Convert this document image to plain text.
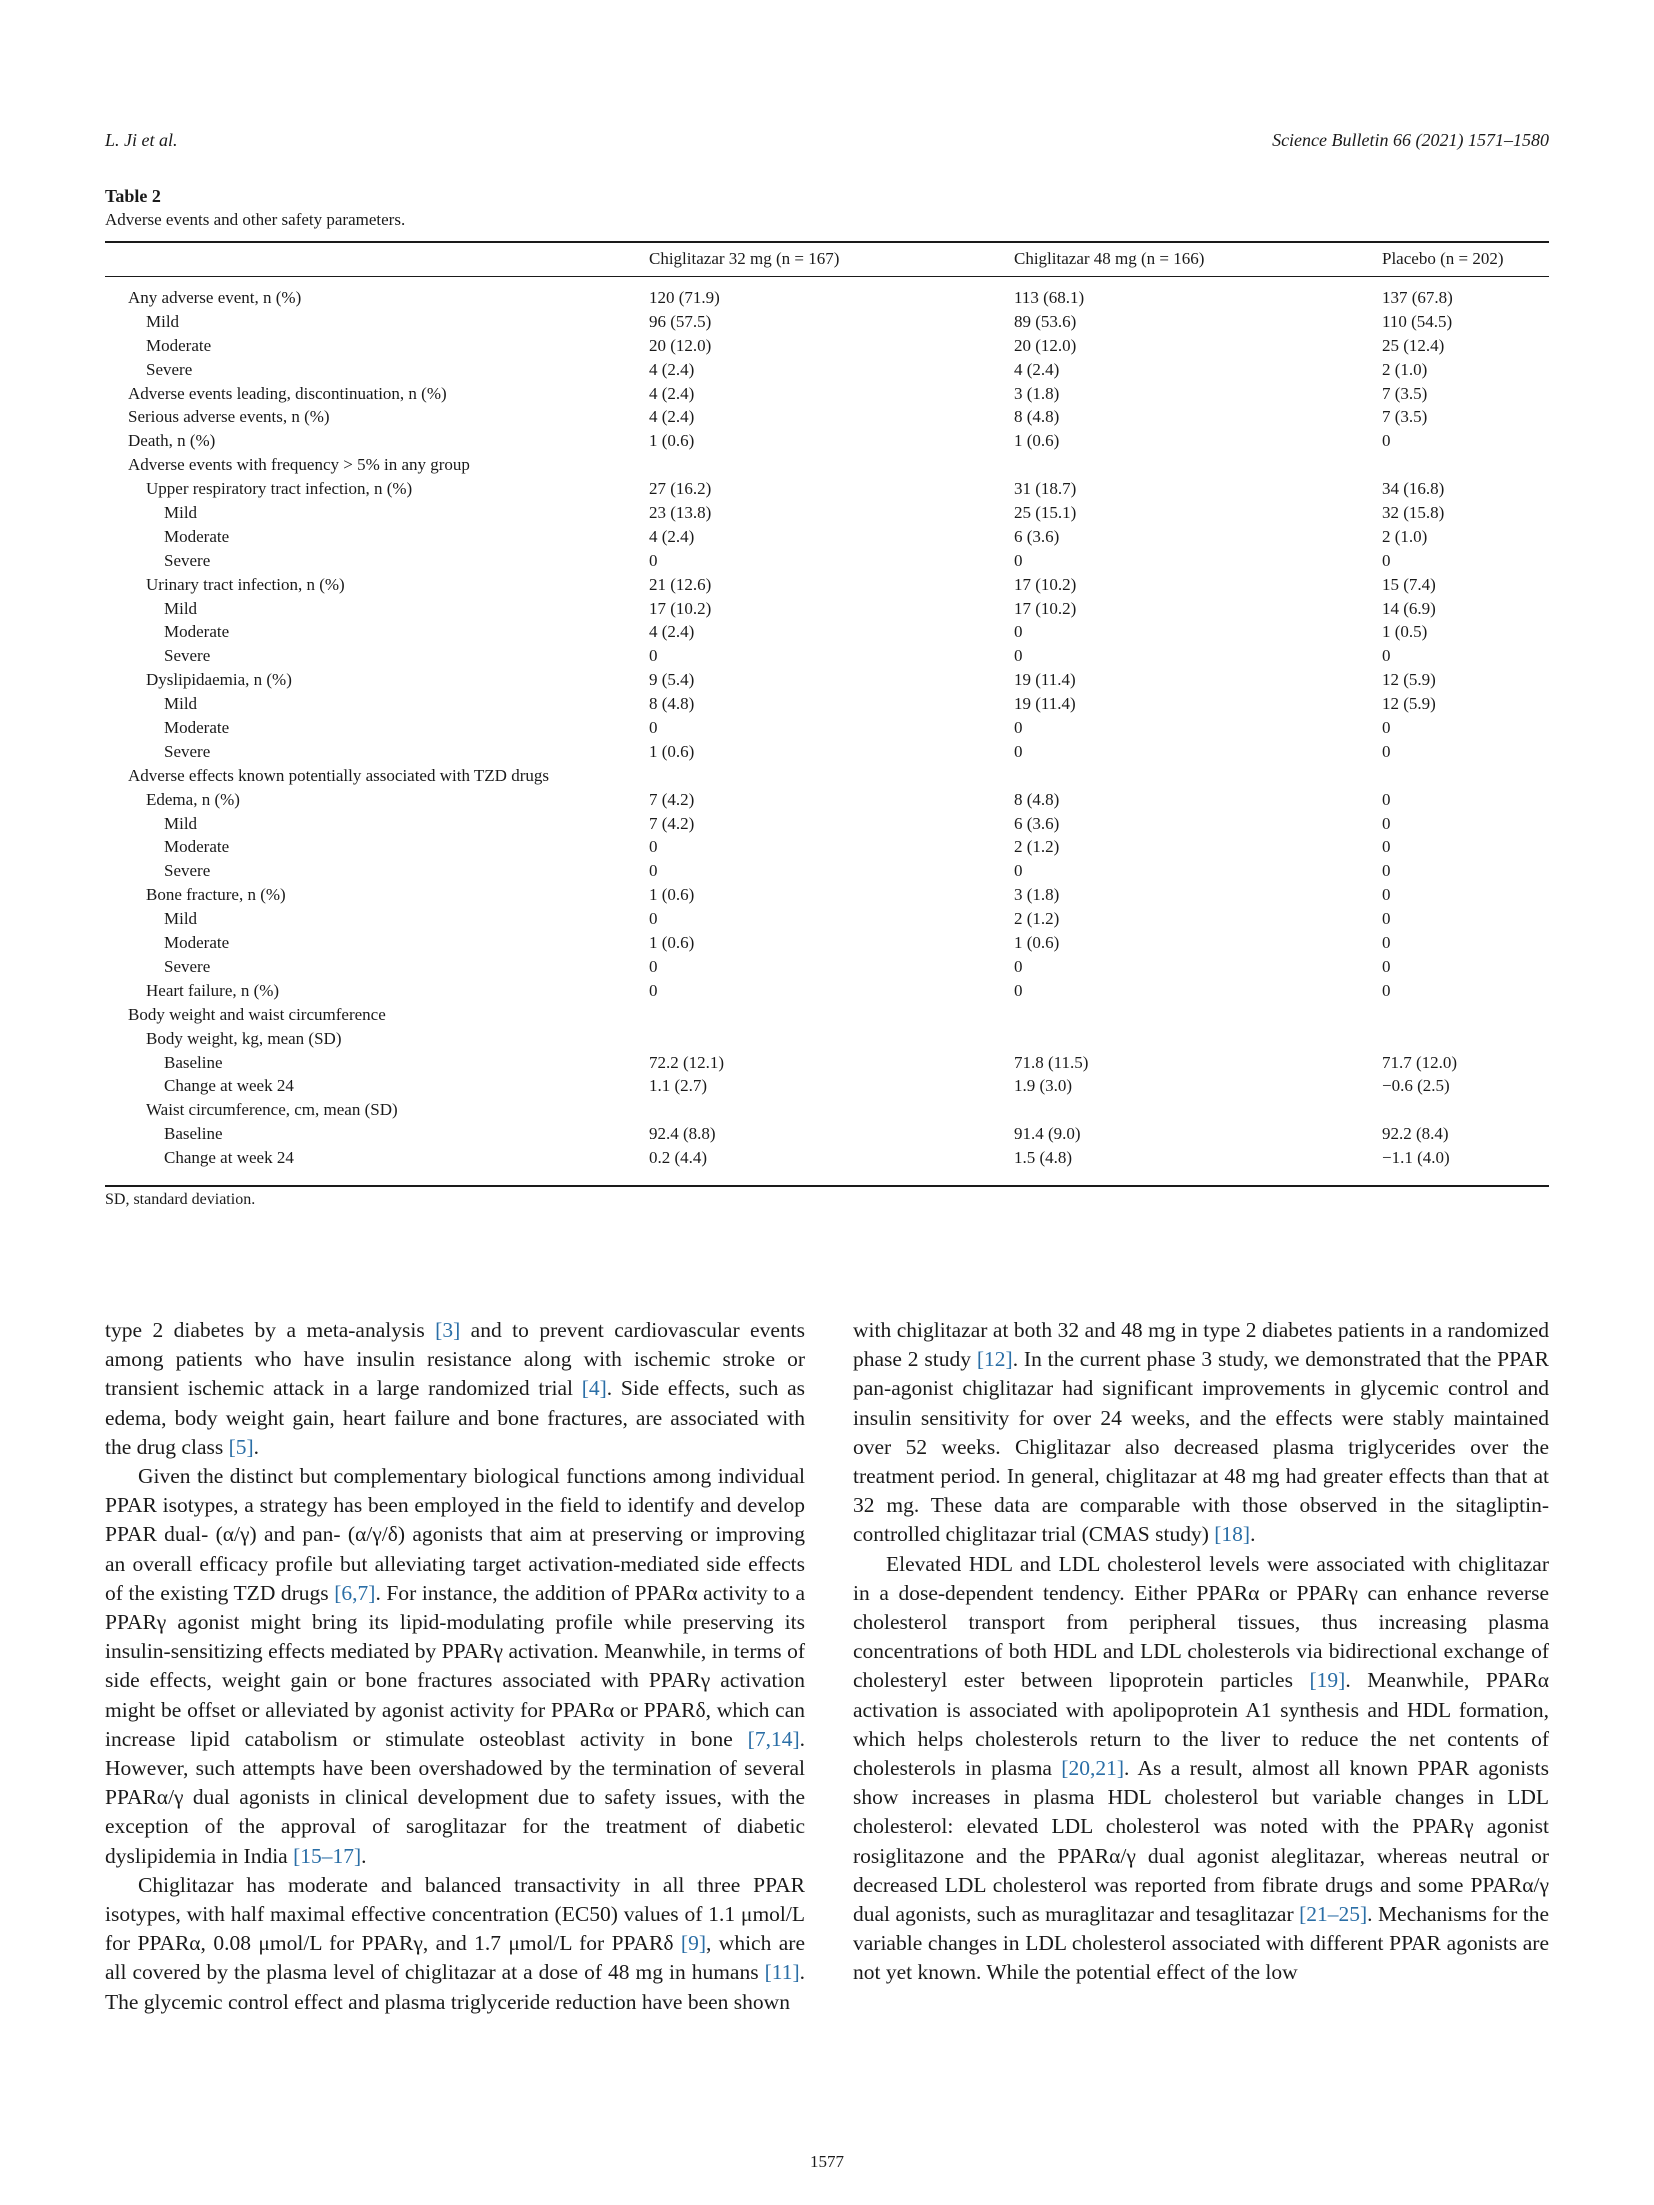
L. Ji et al.	Science Bulletin 66 (2021) 1571–1580
Table 2
Adverse events and other safety parameters.
Chiglitazar 32 mg (n = 167)	Chiglitazar 48 mg (n = 166)	Placebo (n = 202)
Any adverse event, n (%)	120 (71.9)	113 (68.1)	137 (67.8)
Mild	96 (57.5)	89 (53.6)	110 (54.5)
Moderate	20 (12.0)	20 (12.0)	25 (12.4)
Severe	4 (2.4)	4 (2.4)	2 (1.0)
Adverse events leading, discontinuation, n (%)	4 (2.4)	3 (1.8)	7 (3.5)
Serious adverse events, n (%)	4 (2.4)	8 (4.8)	7 (3.5)
Death, n (%)	1 (0.6)	1 (0.6)	0
Adverse events with frequency > 5% in any group
Upper respiratory tract infection, n (%)	27 (16.2)	31 (18.7)	34 (16.8)
Mild	23 (13.8)	25 (15.1)	32 (15.8)
Moderate	4 (2.4)	6 (3.6)	2 (1.0)
Severe	0	0	0
Urinary tract infection, n (%)	21 (12.6)	17 (10.2)	15 (7.4)
Mild	17 (10.2)	17 (10.2)	14 (6.9)
Moderate	4 (2.4)	0	1 (0.5)
Severe	0	0	0
Dyslipidaemia, n (%)	9 (5.4)	19 (11.4)	12 (5.9)
Mild	8 (4.8)	19 (11.4)	12 (5.9)
Moderate	0	0	0
Severe	1 (0.6)	0	0
Adverse effects known potentially associated with TZD drugs
Edema, n (%)	7 (4.2)	8 (4.8)	0
Mild	7 (4.2)	6 (3.6)	0
Moderate	0	2 (1.2)	0
Severe	0	0	0
Bone fracture, n (%)	1 (0.6)	3 (1.8)	0
Mild	0	2 (1.2)	0
Moderate	1 (0.6)	1 (0.6)	0
Severe	0	0	0
Heart failure, n (%)	0	0	0
Body weight and waist circumference
Body weight, kg, mean (SD)
Baseline	72.2 (12.1)	71.8 (11.5)	71.7 (12.0)
Change at week 24	1.1 (2.7)	1.9 (3.0)	−0.6 (2.5)
Waist circumference, cm, mean (SD)
Baseline	92.4 (8.8)	91.4 (9.0)	92.2 (8.4)
Change at week 24	0.2 (4.4)	1.5 (4.8)	−1.1 (4.0)
SD, standard deviation.

type 2 diabetes by a meta-analysis [3] and to prevent cardiovascular events among patients who have insulin resistance along with ischemic stroke or transient ischemic attack in a large randomized trial [4]. Side effects, such as edema, body weight gain, heart failure and bone fractures, are associated with the drug class [5].

Given the distinct but complementary biological functions among individual PPAR isotypes, a strategy has been employed in the field to identify and develop PPAR dual- (α/γ) and pan- (α/γ/δ) agonists that aim at preserving or improving an overall efficacy profile but alleviating target activation-mediated side effects of the existing TZD drugs [6,7]. For instance, the addition of PPARα activity to a PPARγ agonist might bring its lipid-modulating profile while preserving its insulin-sensitizing effects mediated by PPARγ activation. Meanwhile, in terms of side effects, weight gain or bone fractures associated with PPARγ activation might be offset or alleviated by agonist activity for PPARα or PPARδ, which can increase lipid catabolism or stimulate osteoblast activity in bone [7,14]. However, such attempts have been overshadowed by the termination of several PPARα/γ dual agonists in clinical development due to safety issues, with the exception of the approval of saroglitazar for the treatment of diabetic dyslipidemia in India [15–17].

Chiglitazar has moderate and balanced transactivity in all three PPAR isotypes, with half maximal effective concentration (EC50) values of 1.1 μmol/L for PPARα, 0.08 μmol/L for PPARγ, and 1.7 μmol/L for PPARδ [9], which are all covered by the plasma level of chiglitazar at a dose of 48 mg in humans [11]. The glycemic control effect and plasma triglyceride reduction have been shown

with chiglitazar at both 32 and 48 mg in type 2 diabetes patients in a randomized phase 2 study [12]. In the current phase 3 study, we demonstrated that the PPAR pan-agonist chiglitazar had significant improvements in glycemic control and insulin sensitivity for over 24 weeks, and the effects were stably maintained over 52 weeks. Chiglitazar also decreased plasma triglycerides over the treatment period. In general, chiglitazar at 48 mg had greater effects than that at 32 mg. These data are comparable with those observed in the sitagliptin-controlled chiglitazar trial (CMAS study) [18].

Elevated HDL and LDL cholesterol levels were associated with chiglitazar in a dose-dependent tendency. Either PPARα or PPARγ can enhance reverse cholesterol transport from peripheral tissues, thus increasing plasma concentrations of both HDL and LDL cholesterols via bidirectional exchange of cholesteryl ester between lipoprotein particles [19]. Meanwhile, PPARα activation is associated with apolipoprotein A1 synthesis and HDL formation, which helps cholesterols return to the liver to reduce the net contents of cholesterols in plasma [20,21]. As a result, almost all known PPAR agonists show increases in plasma HDL cholesterol but variable changes in LDL cholesterol: elevated LDL cholesterol was noted with the PPARγ agonist rosiglitazone and the PPARα/γ dual agonist aleglitazar, whereas neutral or decreased LDL cholesterol was reported from fibrate drugs and some PPARα/γ dual agonists, such as muraglitazar and tesaglitazar [21–25]. Mechanisms for the variable changes in LDL cholesterol associated with different PPAR agonists are not yet known. While the potential effect of the low

1577
